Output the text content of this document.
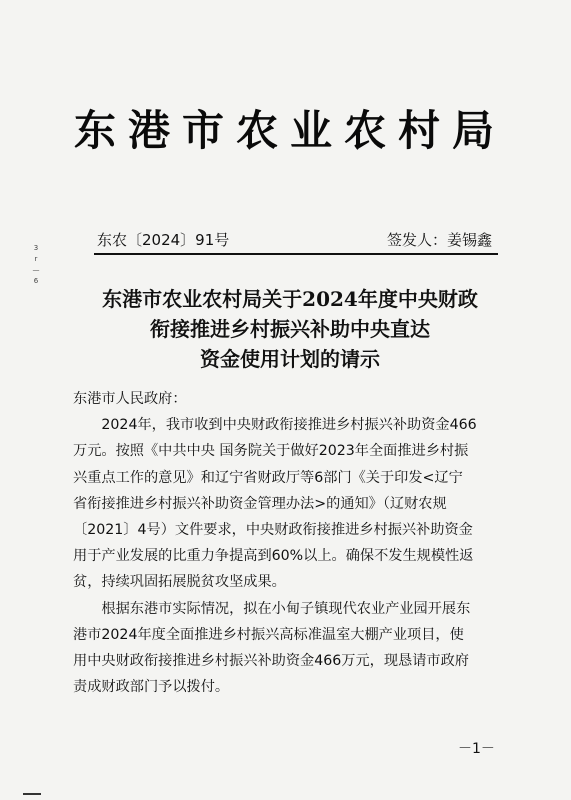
东港市农业农村局
东农〔2024〕91号	签发人：姜锡鑫
3
r
—
6
东港市农业农村局关于2024年度中央财政
衔接推进乡村振兴补助中央直达
资金使用计划的请示
东港市人民政府：
　　2024年，我市收到中央财政衔接推进乡村振兴补助资金466
万元。按照《中共中央 国务院关于做好2023年全面推进乡村振
兴重点工作的意见》和辽宁省财政厅等6部门《关于印发<辽宁
省衔接推进乡村振兴补助资金管理办法>的通知》（辽财农规
〔2021〕4号）文件要求，中央财政衔接推进乡村振兴补助资金
用于产业发展的比重力争提高到60%以上。确保不发生规模性返
贫，持续巩固拓展脱贫攻坚成果。
　　根据东港市实际情况，拟在小甸子镇现代农业产业园开展东
港市2024年度全面推进乡村振兴高标准温室大棚产业项目，使
用中央财政衔接推进乡村振兴补助资金466万元，现恳请市政府
责成财政部门予以拨付。
－1－
